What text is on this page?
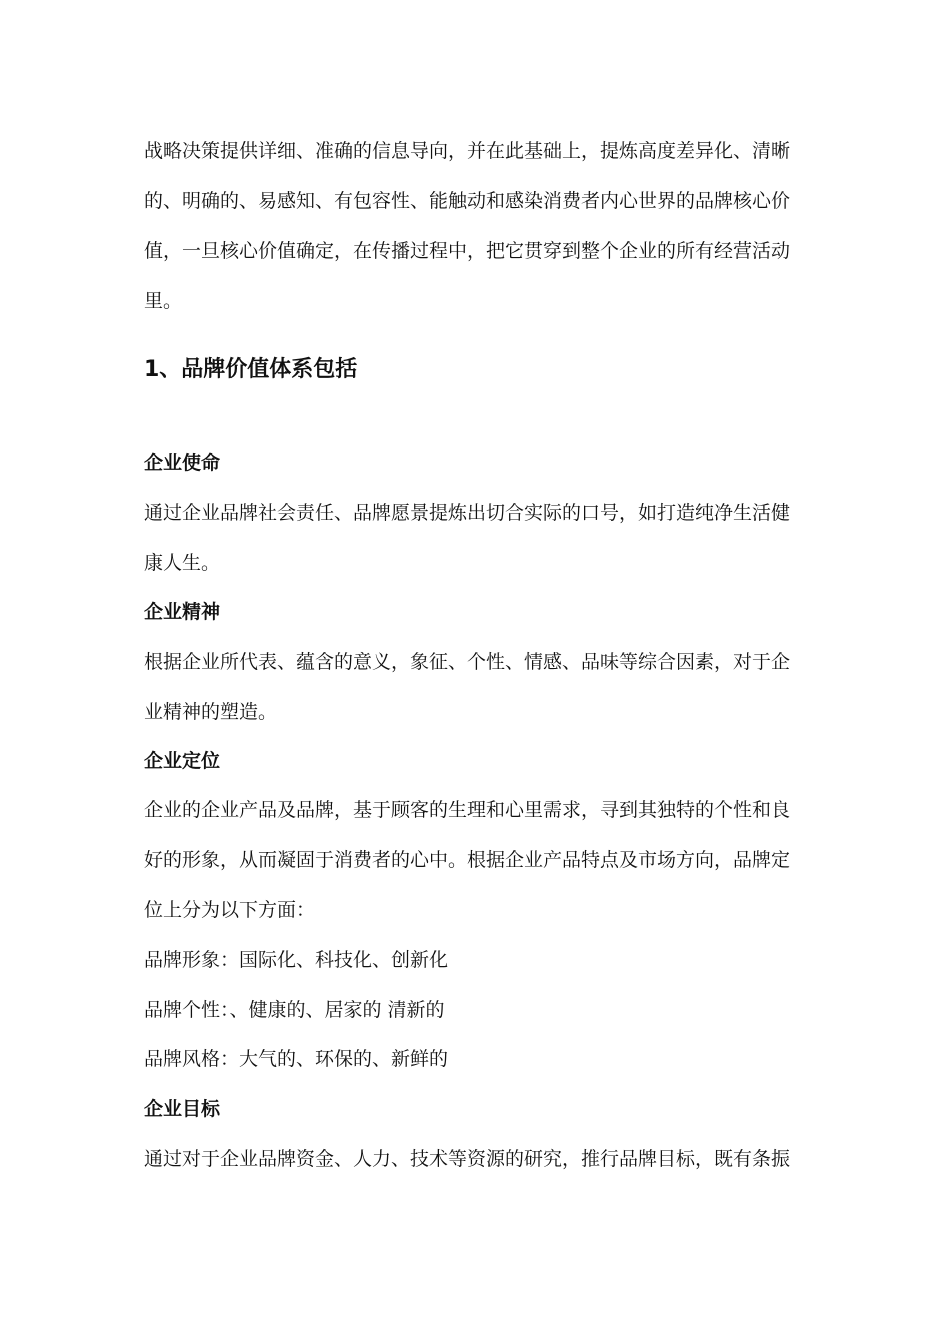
战略决策提供详细、准确的信息导向，并在此基础上，提炼高度差异化、清晰
的、明确的、易感知、有包容性、能触动和感染消费者内心世界的品牌核心价
值，一旦核心价值确定，在传播过程中，把它贯穿到整个企业的所有经营活动
里。

1、品牌价值体系包括
企业使命

通过企业品牌社会责任、品牌愿景提炼出切合实际的口号，如打造纯净生活健
康人生。

企业精神

根据企业所代表、蕴含的意义，象征、个性、情感、品味等综合因素，对于企
业精神的塑造。

企业定位

企业的企业产品及品牌，基于顾客的生理和心里需求，寻到其独特的个性和良
好的形象，从而凝固于消费者的心中。根据企业产品特点及市场方向，品牌定
位上分为以下方面：

品牌形象：国际化、科技化、创新化

品牌个性：、健康的、居家的 清新的

品牌风格：大气的、环保的、新鲜的

企业目标

通过对于企业品牌资金、人力、技术等资源的研究，推行品牌目标，既有条振
